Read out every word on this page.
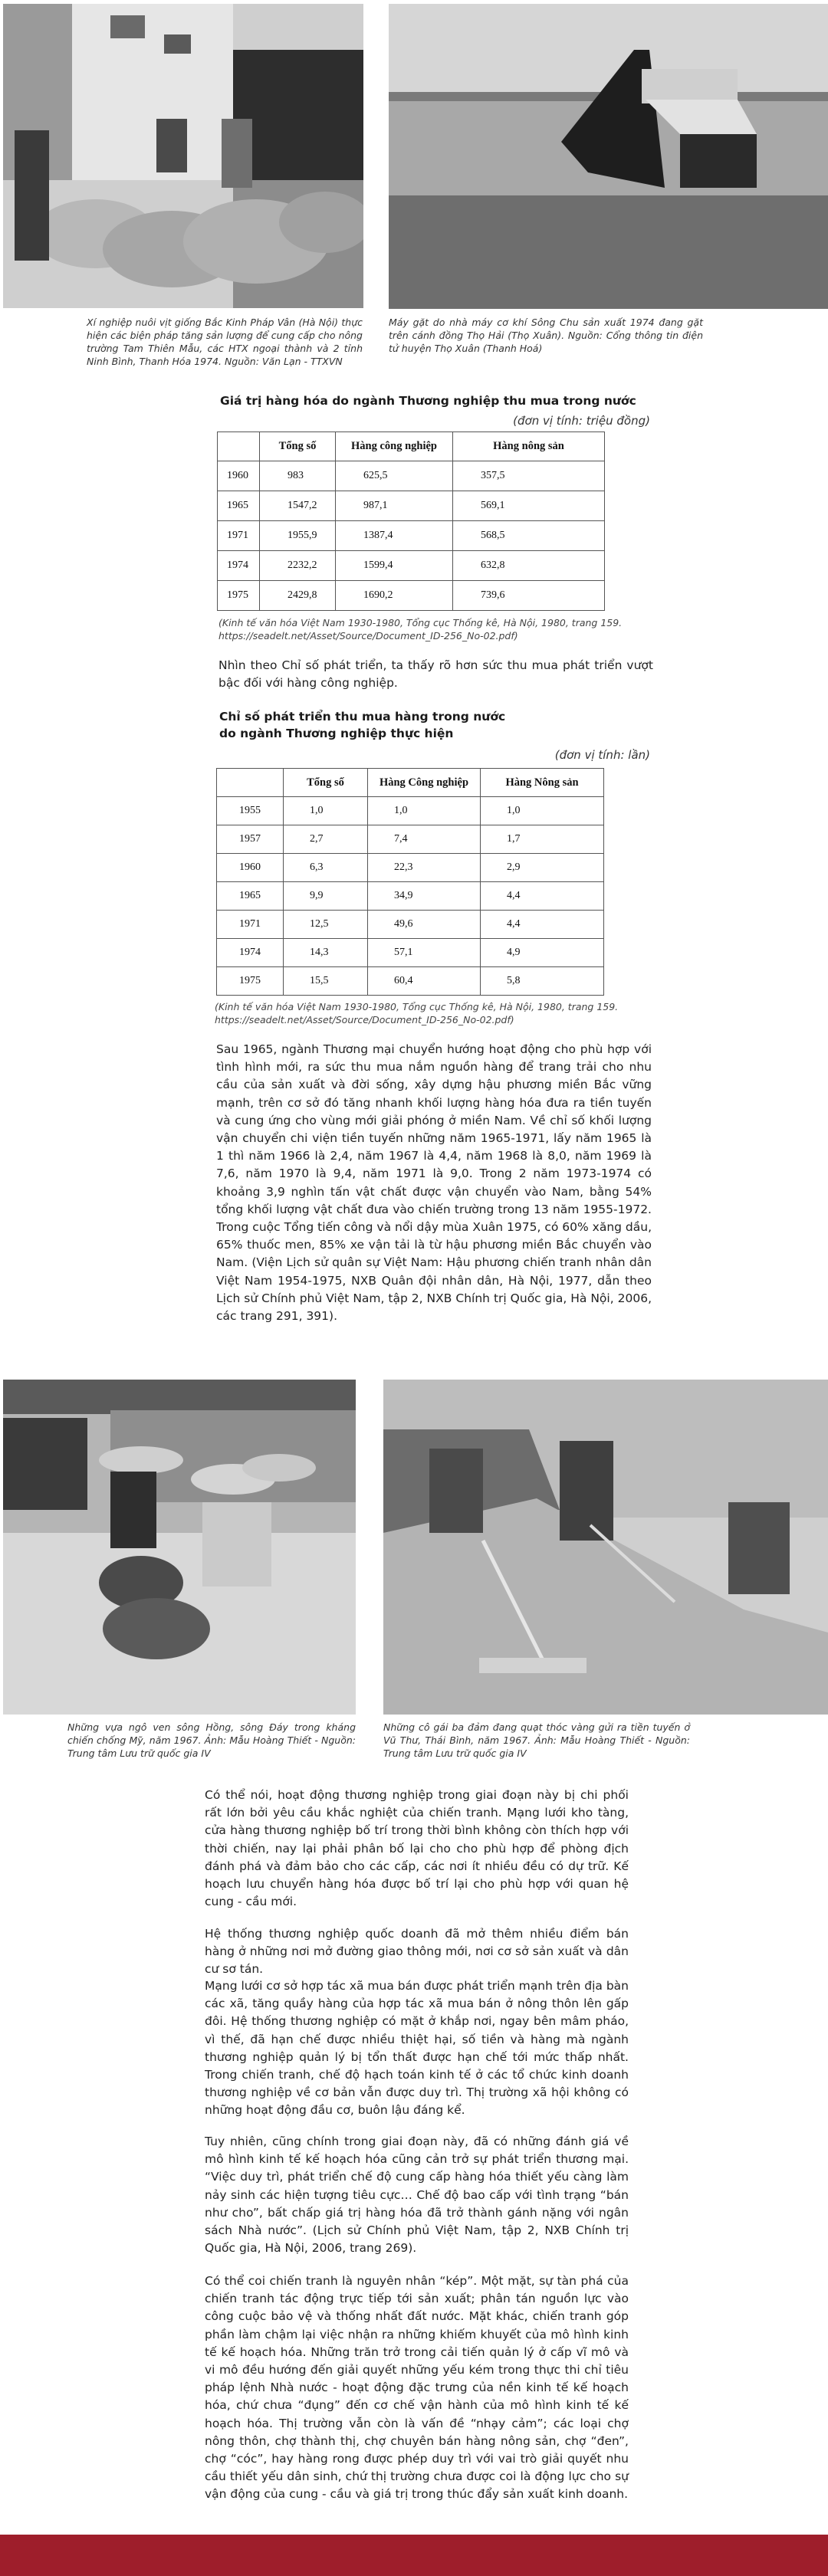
Xí nghiệp nuôi vịt giống Bắc Kinh Pháp Vân (Hà Nội) thực hiện các biện pháp tăng sản lượng để cung cấp cho nông trường Tam Thiên Mẫu, các HTX ngoại thành và 2 tỉnh Ninh Bình, Thanh Hóa 1974. Nguồn: Văn Lạn - TTXVN
Máy gặt do nhà máy cơ khí Sông Chu sản xuất 1974 đang gặt trên cánh đồng Thọ Hải (Thọ Xuân). Nguồn: Cổng thông tin điện tử huyện Thọ Xuân (Thanh Hoá)
Giá trị hàng hóa do ngành Thương nghiệp thu mua trong nước
(đơn vị tính: triệu đồng)
	Tổng số	Hàng công nghiệp	Hàng nông sản
1960	983	625,5	357,5
1965	1547,2	987,1	569,1
1971	1955,9	1387,4	568,5
1974	2232,2	1599,4	632,8
1975	2429,8	1690,2	739,6
(Kinh tế văn hóa Việt Nam 1930-1980, Tổng cục Thống kê, Hà Nội, 1980, trang 159. https://seadelt.net/Asset/Source/Document_ID-256_No-02.pdf)
Nhìn theo Chỉ số phát triển, ta thấy rõ hơn sức thu mua phát triển vượt bậc đối với hàng công nghiệp.
Chỉ số phát triển thu mua hàng trong nước
do ngành Thương nghiệp thực hiện
(đơn vị tính: lần)
	Tổng số	Hàng Công nghiệp	Hàng Nông sản
1955	1,0	1,0	1,0
1957	2,7	7,4	1,7
1960	6,3	22,3	2,9
1965	9,9	34,9	4,4
1971	12,5	49,6	4,4
1974	14,3	57,1	4,9
1975	15,5	60,4	5,8
(Kinh tế văn hóa Việt Nam 1930-1980, Tổng cục Thống kê, Hà Nội, 1980, trang 159. https://seadelt.net/Asset/Source/Document_ID-256_No-02.pdf)
Sau 1965, ngành Thương mại chuyển hướng hoạt động cho phù hợp với tình hình mới, ra sức thu mua nắm nguồn hàng để trang trải cho nhu cầu của sản xuất và đời sống, xây dựng hậu phương miền Bắc vững mạnh, trên cơ sở đó tăng nhanh khối lượng hàng hóa đưa ra tiền tuyến và cung ứng cho vùng mới giải phóng ở miền Nam. Về chỉ số khối lượng vận chuyển chi viện tiền tuyến những năm 1965-1971, lấy năm 1965 là 1 thì năm 1966 là 2,4, năm 1967 là 4,4, năm 1968 là 8,0, năm 1969 là 7,6, năm 1970 là 9,4, năm 1971 là 9,0. Trong 2 năm 1973-1974 có khoảng 3,9 nghìn tấn vật chất được vận chuyển vào Nam, bằng 54% tổng khối lượng vật chất đưa vào chiến trường trong 13 năm 1955-1972. Trong cuộc Tổng tiến công và nổi dậy mùa Xuân 1975, có 60% xăng dầu, 65% thuốc men, 85% xe vận tải là từ hậu phương miền Bắc chuyển vào Nam. (Viện Lịch sử quân sự Việt Nam: Hậu phương chiến tranh nhân dân Việt Nam 1954-1975, NXB Quân đội nhân dân, Hà Nội, 1977, dẫn theo Lịch sử Chính phủ Việt Nam, tập 2, NXB Chính trị Quốc gia, Hà Nội, 2006, các trang 291, 391).
Những vựa ngô ven sông Hồng, sông Đáy trong kháng chiến chống Mỹ, năm 1967. Ảnh: Mẫu Hoàng Thiết - Nguồn: Trung tâm Lưu trữ quốc gia IV
Những cô gái ba đảm đang quạt thóc vàng gửi ra tiền tuyến ở Vũ Thư, Thái Bình, năm 1967. Ảnh: Mẫu Hoàng Thiết - Nguồn: Trung tâm Lưu trữ quốc gia IV
Có thể nói, hoạt động thương nghiệp trong giai đoạn này bị chi phối rất lớn bởi yêu cầu khắc nghiệt của chiến tranh. Mạng lưới kho tàng, cửa hàng thương nghiệp bố trí trong thời bình không còn thích hợp với thời chiến, nay lại phải phân bố lại cho cho phù hợp để phòng địch đánh phá và đảm bảo cho các cấp, các nơi ít nhiều đều có dự trữ. Kế hoạch lưu chuyển hàng hóa được bố trí lại cho phù hợp với quan hệ cung - cầu mới.
Hệ thống thương nghiệp quốc doanh đã mở thêm nhiều điểm bán hàng ở những nơi mở đường giao thông mới, nơi cơ sở sản xuất và dân cư sơ tán.
Mạng lưới cơ sở hợp tác xã mua bán được phát triển mạnh trên địa bàn các xã, tăng quầy hàng của hợp tác xã mua bán ở nông thôn lên gấp đôi. Hệ thống thương nghiệp có mặt ở khắp nơi, ngay bên mâm pháo, vì thế, đã hạn chế được nhiều thiệt hại, số tiền và hàng mà ngành thương nghiệp quản lý bị tổn thất được hạn chế tới mức thấp nhất. Trong chiến tranh, chế độ hạch toán kinh tế ở các tổ chức kinh doanh thương nghiệp về cơ bản vẫn được duy trì. Thị trường xã hội không có những hoạt động đầu cơ, buôn lậu đáng kể.
Tuy nhiên, cũng chính trong giai đoạn này, đã có những đánh giá về mô hình kinh tế kế hoạch hóa cũng cản trở sự phát triển thương mại. “Việc duy trì, phát triển chế độ cung cấp hàng hóa thiết yếu càng làm nảy sinh các hiện tượng tiêu cực… Chế độ bao cấp với tình trạng “bán như cho”, bất chấp giá trị hàng hóa đã trở thành gánh nặng với ngân sách Nhà nước”. (Lịch sử Chính phủ Việt Nam, tập 2, NXB Chính trị Quốc gia, Hà Nội, 2006, trang 269).
Có thể coi chiến tranh là nguyên nhân “kép”. Một mặt, sự tàn phá của chiến tranh tác động trực tiếp tới sản xuất; phân tán nguồn lực vào công cuộc bảo vệ và thống nhất đất nước. Mặt khác, chiến tranh góp phần làm chậm lại việc nhận ra những khiếm khuyết của mô hình kinh tế kế hoạch hóa. Những trăn trở trong cải tiến quản lý ở cấp vĩ mô và vi mô đều hướng đến giải quyết những yếu kém trong thực thi chỉ tiêu pháp lệnh Nhà nước - hoạt động đặc trưng của nền kinh tế kế hoạch hóa, chứ chưa “đụng” đến cơ chế vận hành của mô hình kinh tế kế hoạch hóa. Thị trường vẫn còn là vấn đề “nhạy cảm”; các loại chợ nông thôn, chợ thành thị, chợ chuyên bán hàng nông sản, chợ “đen”, chợ “cóc”, hay hàng rong được phép duy trì với vai trò giải quyết nhu cầu thiết yếu dân sinh, chứ thị trường chưa được coi là động lực cho sự vận động của cung - cầu và giá trị trong thúc đẩy sản xuất kinh doanh.
